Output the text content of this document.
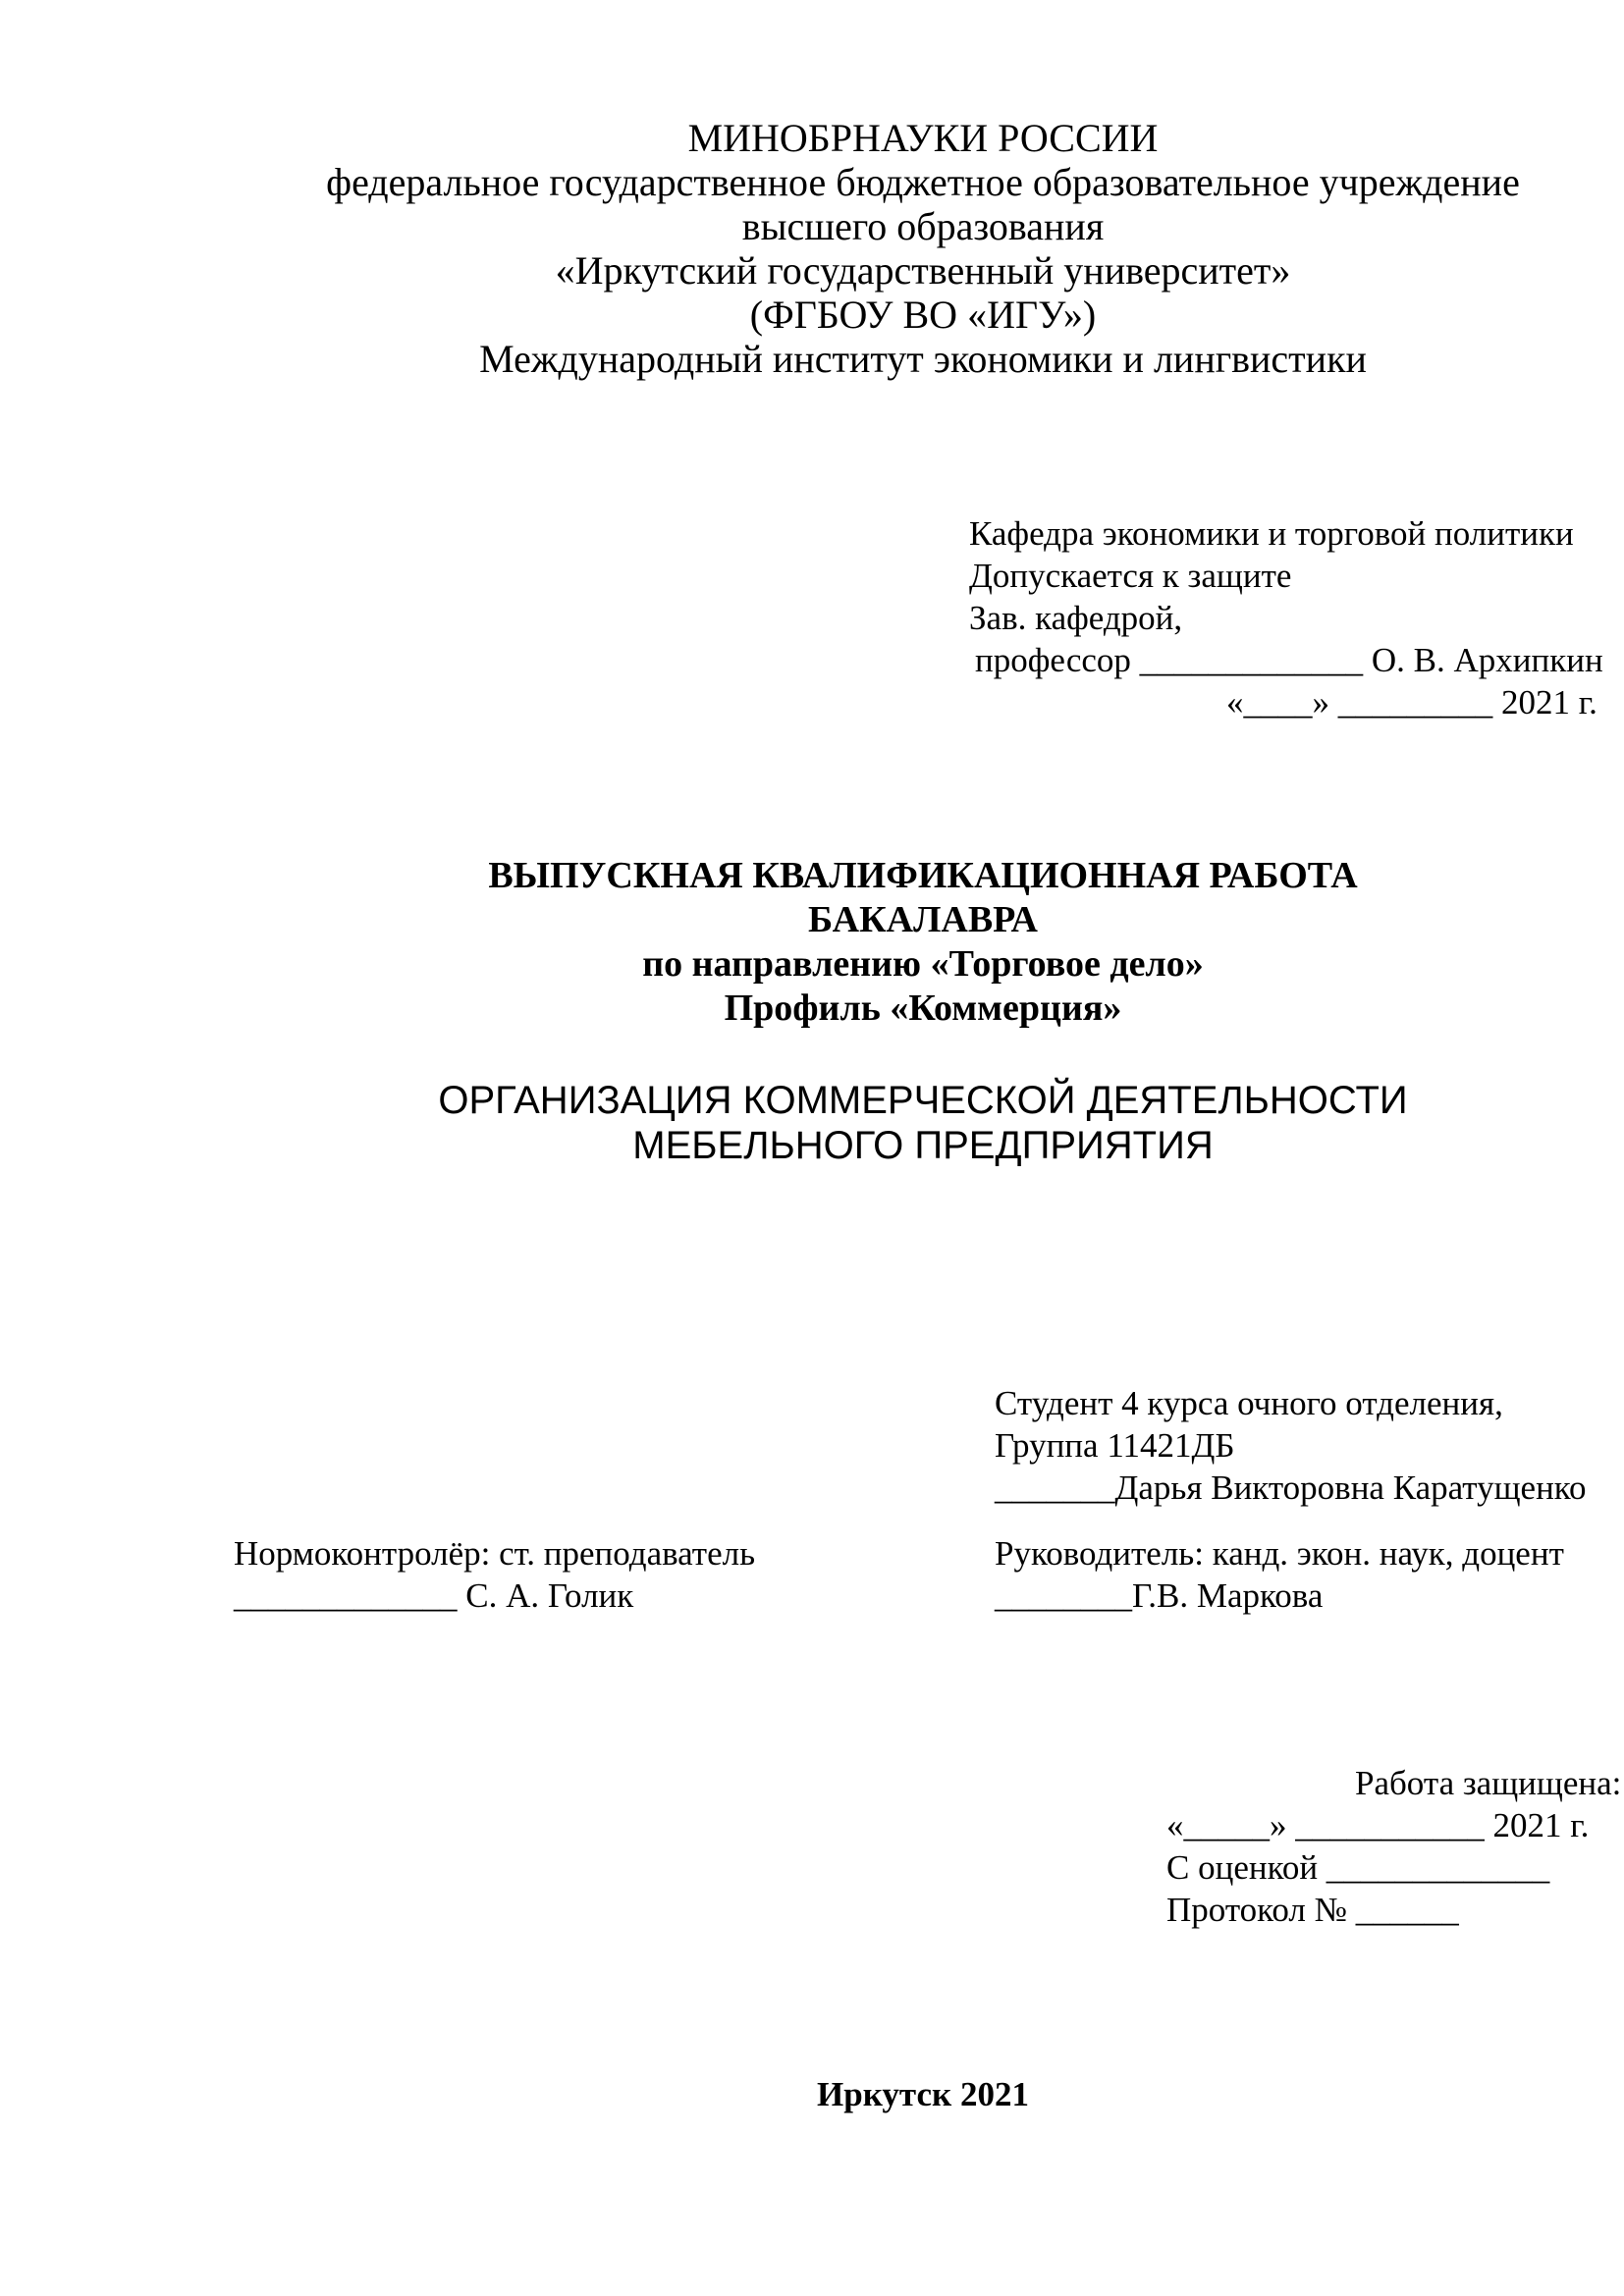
МИНОБРНАУКИ РОССИИ
федеральное государственное бюджетное образовательное учреждение
высшего образования
«Иркутский государственный университет»
(ФГБОУ ВО «ИГУ»)
Международный институт экономики и лингвистики
Кафедра экономики и торговой политики
Допускается к защите
Зав. кафедрой,
профессор _____________ О. В. Архипкин
«____» _________ 2021 г.
ВЫПУСКНАЯ КВАЛИФИКАЦИОННАЯ РАБОТА
БАКАЛАВРА
по направлению «Торговое дело»
Профиль «Коммерция»
ОРГАНИЗАЦИЯ КОММЕРЧЕСКОЙ ДЕЯТЕЛЬНОСТИ
МЕБЕЛЬНОГО ПРЕДПРИЯТИЯ
Студент 4 курса очного отделения,
Группа 11421ДБ
_______Дарья Викторовна Каратущенко
Нормоконтролёр: ст. преподаватель
_____________ С. А. Голик
Руководитель: канд. экон. наук, доцент
________Г.В. Маркова
Работа защищена:
«_____» ___________ 2021 г.
С оценкой _____________
Протокол № ______
Иркутск 2021
